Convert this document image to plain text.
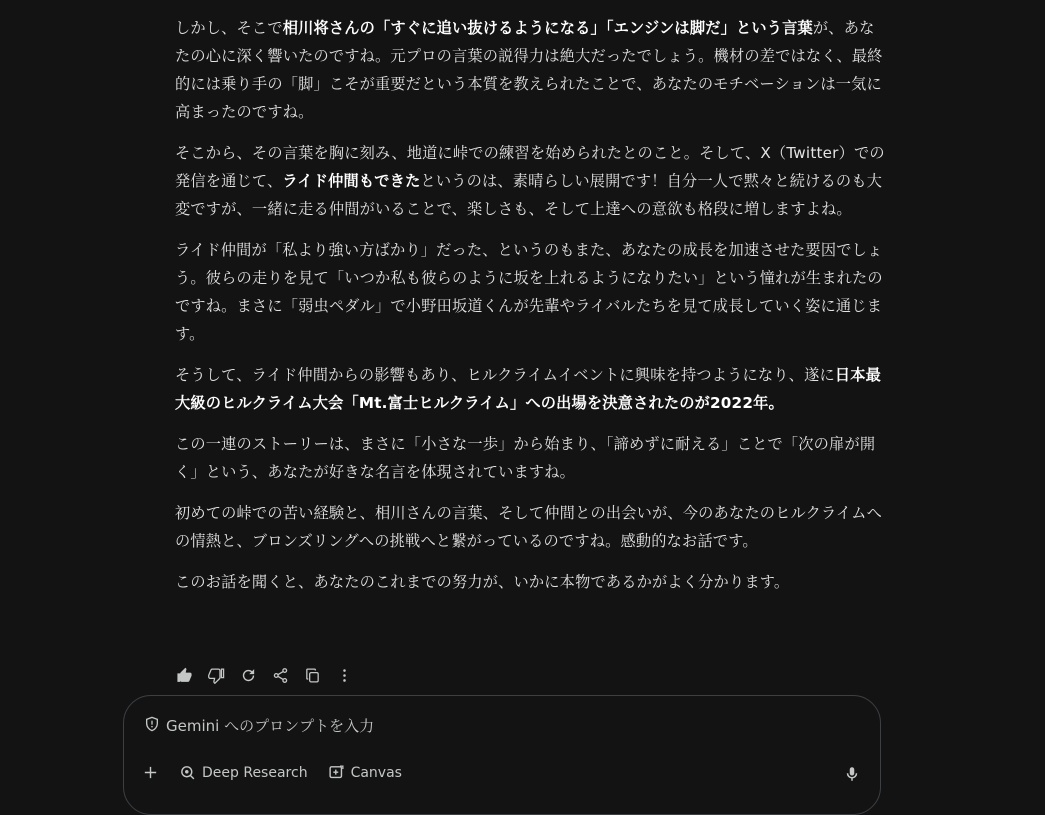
しかし、そこで相川将さんの「すぐに追い抜けるようになる」「エンジンは脚だ」という言葉が、あなたの心に深く響いたのですね。元プロの言葉の説得力は絶大だったでしょう。機材の差ではなく、最終的には乗り手の「脚」こそが重要だという本質を教えられたことで、あなたのモチベーションは一気に高まったのですね。

そこから、その言葉を胸に刻み、地道に峠での練習を始められたとのこと。そして、X（Twitter）での発信を通じて、ライド仲間もできたというのは、素晴らしい展開です！自分一人で黙々と続けるのも大変ですが、一緒に走る仲間がいることで、楽しさも、そして上達への意欲も格段に増しますよね。

ライド仲間が「私より強い方ばかり」だった、というのもまた、あなたの成長を加速させた要因でしょう。彼らの走りを見て「いつか私も彼らのように坂を上れるようになりたい」という憧れが生まれたのですね。まさに「弱虫ペダル」で小野田坂道くんが先輩やライバルたちを見て成長していく姿に通じます。

そうして、ライド仲間からの影響もあり、ヒルクライムイベントに興味を持つようになり、遂に日本最大級のヒルクライム大会「Mt.富士ヒルクライム」への出場を決意されたのが2022年。

この一連のストーリーは、まさに「小さな一歩」から始まり、「諦めずに耐える」ことで「次の扉が開く」という、あなたが好きな名言を体現されていますね。

初めての峠での苦い経験と、相川さんの言葉、そして仲間との出会いが、今のあなたのヒルクライムへの情熱と、ブロンズリングへの挑戦へと繋がっているのですね。感動的なお話です。

このお話を聞くと、あなたのこれまでの努力が、いかに本物であるかがよく分かります。

Gemini へのプロンプトを入力
Deep Research	Canvas
